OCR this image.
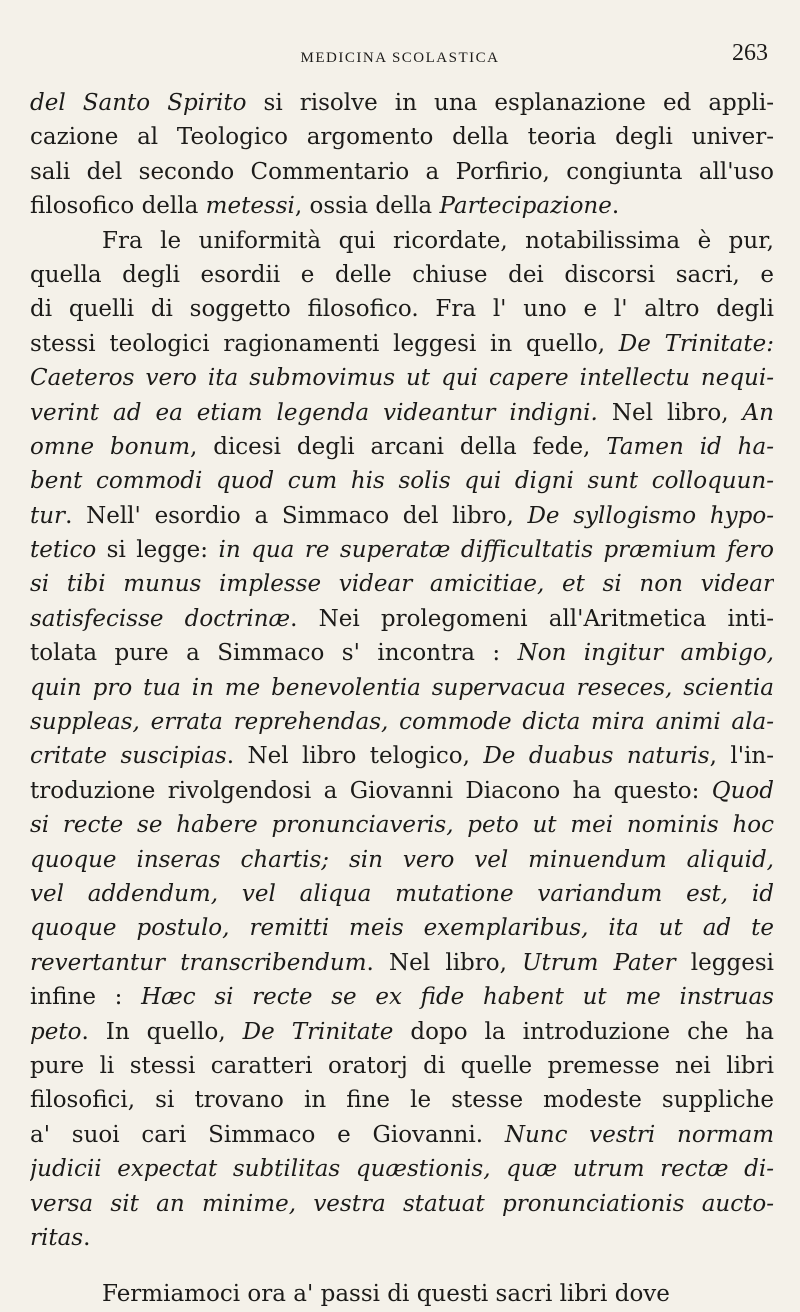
MEDICINA SCOLASTICA	263
del Santo Spirito si risolve in una esplanazione ed appli-
cazione al Teologico argomento della teoria degli univer-
sali del secondo Commentario a Porfirio, congiunta all'uso
filosofico della metessi, ossia della Partecipazione.
Fra le uniformità qui ricordate, notabilissima è pur,
quella degli esordii e delle chiuse dei discorsi sacri, e
di quelli di soggetto filosofico. Fra l' uno e l' altro degli
stessi teologici ragionamenti leggesi in quello, De Trinitate:
Caeteros vero ita submovimus ut qui capere intellectu nequi-
verint ad ea etiam legenda videantur indigni. Nel libro, An
omne bonum, dicesi degli arcani della fede, Tamen id ha-
bent commodi quod cum his solis qui digni sunt colloquun-
tur. Nell' esordio a Simmaco del libro, De syllogismo hypo-
tetico si legge: in qua re superatæ difficultatis præmium fero
si tibi munus implesse videar amicitiae, et si non videar
satisfecisse doctrinæ. Nei prolegomeni all'Aritmetica inti-
tolata pure a Simmaco s' incontra : Non ingitur ambigo,
quin pro tua in me benevolentia supervacua reseces, scientia
suppleas, errata reprehendas, commode dicta mira animi ala-
critate suscipias. Nel libro telogico, De duabus naturis, l'in-
troduzione rivolgendosi a Giovanni Diacono ha questo: Quod
si recte se habere pronunciaveris, peto ut mei nominis hoc
quoque inseras chartis; sin vero vel minuendum aliquid,
vel addendum, vel aliqua mutatione variandum est, id
quoque postulo, remitti meis exemplaribus, ita ut ad te
revertantur transcribendum. Nel libro, Utrum Pater leggesi
infine : Hæc si recte se ex fide habent ut me instruas
peto. In quello, De Trinitate dopo la introduzione che ha
pure li stessi caratteri oratorj di quelle premesse nei libri
filosofici, si trovano in fine le stesse modeste suppliche
a' suoi cari Simmaco e Giovanni. Nunc vestri normam
judicii expectat subtilitas quæstionis, quæ utrum rectæ di-
versa sit an minime, vestra statuat pronunciationis aucto-
ritas.
Fermiamoci ora a' passi di questi sacri libri dove
